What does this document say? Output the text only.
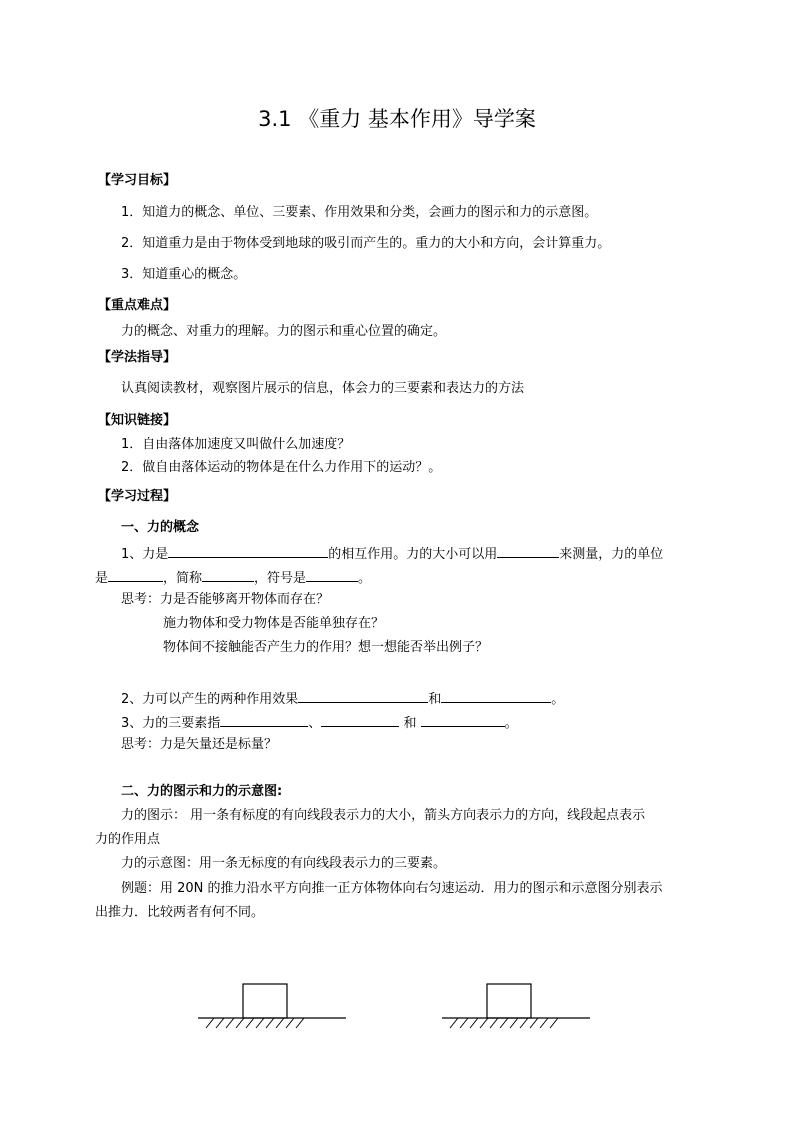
3.1 《重力 基本作用》导学案
【学习目标】
1．知道力的概念、单位、三要素、作用效果和分类，会画力的图示和力的示意图。
2．知道重力是由于物体受到地球的吸引而产生的。重力的大小和方向，会计算重力。
3．知道重心的概念。
【重点难点】
力的概念、对重力的理解。力的图示和重心位置的确定。
【学法指导】
认真阅读教材，观察图片展示的信息，体会力的三要素和表达力的方法
【知识链接】
1．自由落体加速度又叫做什么加速度？
2．做自由落体运动的物体是在什么力作用下的运动？。
【学习过程】
一、力的概念
1、力是	的相互作用。力的大小可以用	来测量，力的单位
是	，简称	，符号是	。
思考：力是否能够离开物体而存在？
施力物体和受力物体是否能单独存在？
物体间不接触能否产生力的作用？想一想能否举出例子？
2、力可以产生的两种作用效果	和	。
3、力的三要素指	、	和	。
思考：力是矢量还是标量？
二、力的图示和力的示意图:
力的图示： 用一条有标度的有向线段表示力的大小，箭头方向表示力的方向，线段起点表示
力的作用点
力的示意图：用一条无标度的有向线段表示力的三要素。
例题：用 20N 的推力沿水平方向推一正方体物体向右匀速运动．用力的图示和示意图分别表示
出推力．比较两者有何不同。
